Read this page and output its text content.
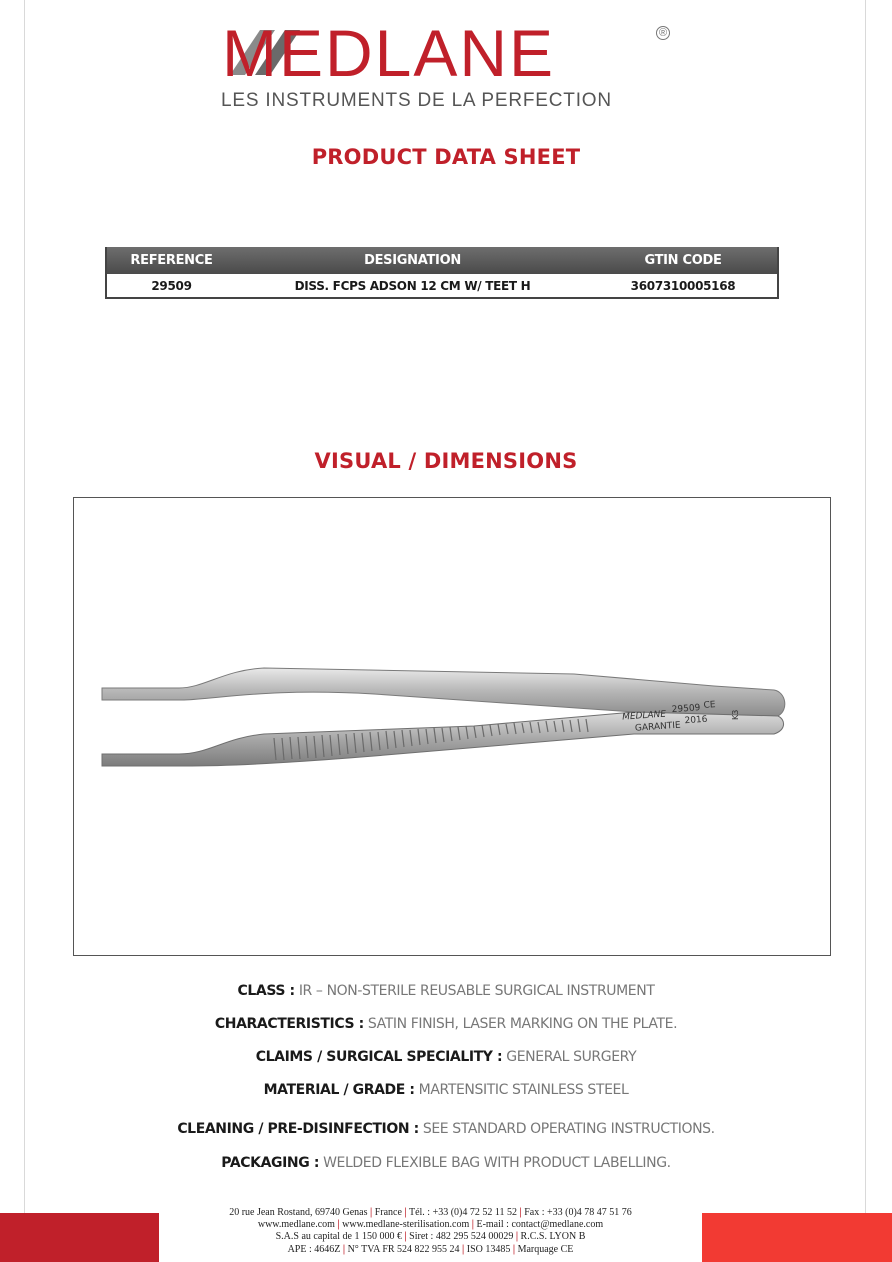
MEDLANE	®
LES INSTRUMENTS DE LA PERFECTION
PRODUCT DATA SHEET
REFERENCE	DESIGNATION	GTIN CODE
29509	DISS. FCPS ADSON 12 CM W/ TEET H	3607310005168
VISUAL / DIMENSIONS
MEDLANE
29509 CE
GARANTIE
2016	K3
CLASS : IR – NON-STERILE REUSABLE SURGICAL INSTRUMENT
CHARACTERISTICS : SATIN FINISH, LASER MARKING ON THE PLATE.
CLAIMS / SURGICAL SPECIALITY : GENERAL SURGERY
MATERIAL / GRADE : MARTENSITIC STAINLESS STEEL
CLEANING / PRE-DISINFECTION : SEE STANDARD OPERATING INSTRUCTIONS.
PACKAGING : WELDED FLEXIBLE BAG WITH PRODUCT LABELLING.
20 rue Jean Rostand, 69740 Genas | France | Tél. : +33 (0)4 72 52 11 52 | Fax : +33 (0)4 78 47 51 76
www.medlane.com | www.medlane-sterilisation.com | E-mail : contact@medlane.com
S.A.S au capital de 1 150 000 € | Siret : 482 295 524 00029 | R.C.S. LYON B
APE : 4646Z | N° TVA FR 524 822 955 24 | ISO 13485 | Marquage CE
